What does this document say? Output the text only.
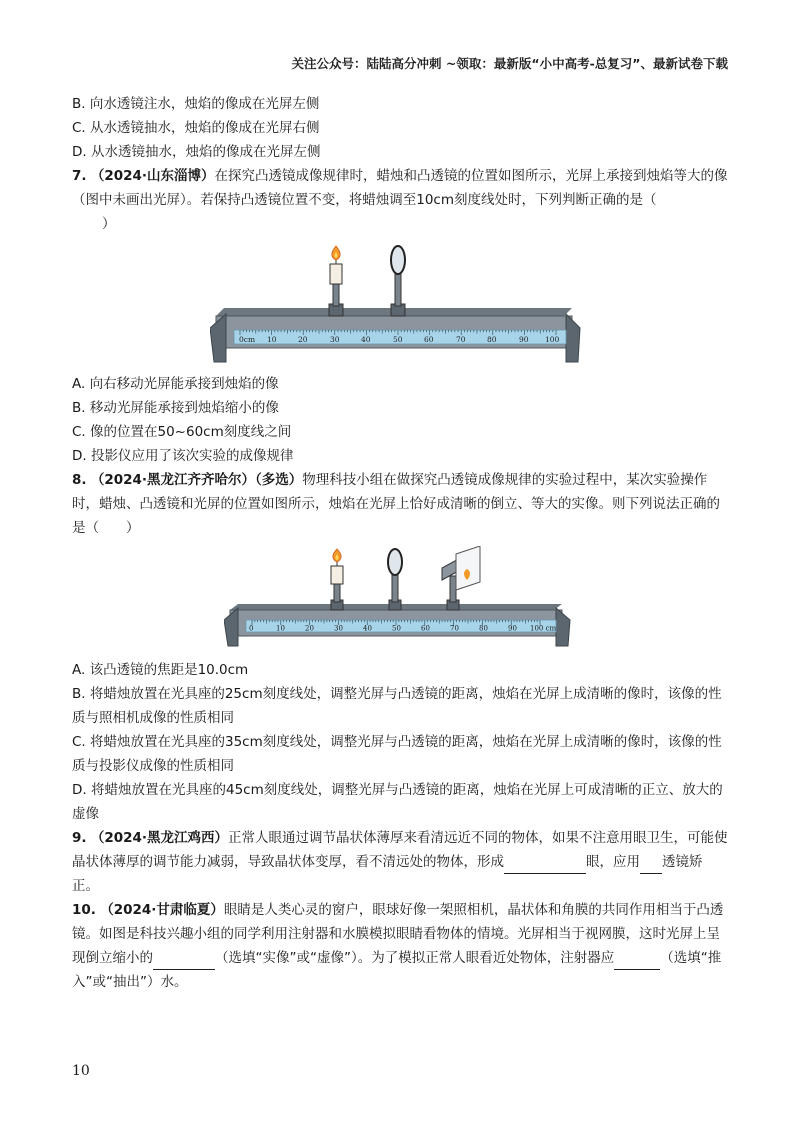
关注公众号：陆陆高分冲刺 ~领取：最新版“小中高考-总复习”、最新试卷下载

B. 向水透镜注水，烛焰的像成在光屏左侧

C. 从水透镜抽水，烛焰的像成在光屏右侧

D. 从水透镜抽水，烛焰的像成在光屏左侧

7. （2024·山东淄博）在探究凸透镜成像规律时，蜡烛和凸透镜的位置如图所示，光屏上承接到烛焰等大的像（图中未画出光屏）。若保持凸透镜位置不变，将蜡烛调至10cm刻度线处时，下列判断正确的是（
）

0cm 10	20	30	40	50	60	70	80	90 100

A. 向右移动光屏能承接到烛焰的像

B. 移动光屏能承接到烛焰缩小的像

C. 像的位置在50~60cm刻度线之间

D. 投影仪应用了该次实验的成像规律

8. （2024·黑龙江齐齐哈尔）（多选）物理科技小组在做探究凸透镜成像规律的实验过程中，某次实验操作时，蜡烛、凸透镜和光屏的位置如图所示，烛焰在光屏上恰好成清晰的倒立、等大的实像。则下列说法正确的是（　　）

0	10	20	30	40	50	60	70	80	90 100 cm

A. 该凸透镜的焦距是10.0cm

B. 将蜡烛放置在光具座的25cm刻度线处，调整光屏与凸透镜的距离，烛焰在光屏上成清晰的像时，该像的性质与照相机成像的性质相同

C. 将蜡烛放置在光具座的35cm刻度线处，调整光屏与凸透镜的距离，烛焰在光屏上成清晰的像时，该像的性质与投影仪成像的性质相同

D. 将蜡烛放置在光具座的45cm刻度线处，调整光屏与凸透镜的距离，烛焰在光屏上可成清晰的正立、放大的虚像

9. （2024·黑龙江鸡西）正常人眼通过调节晶状体薄厚来看清远近不同的物体，如果不注意用眼卫生，可能使晶状体薄厚的调节能力减弱，导致晶状体变厚，看不清远处的物体，形成	眼，应用 透镜矫正。

10. （2024·甘肃临夏）眼睛是人类心灵的窗户，眼球好像一架照相机，晶状体和角膜的共同作用相当于凸透镜。如图是科技兴趣小组的同学利用注射器和水膜模拟眼睛看物体的情境。光屏相当于视网膜，这时光屏上呈现倒立缩小的	（选填“实像”或“虚像”）。为了模拟正常人眼看近处物体，注射器应	（选填“推入”或“抽出”）水。

10
